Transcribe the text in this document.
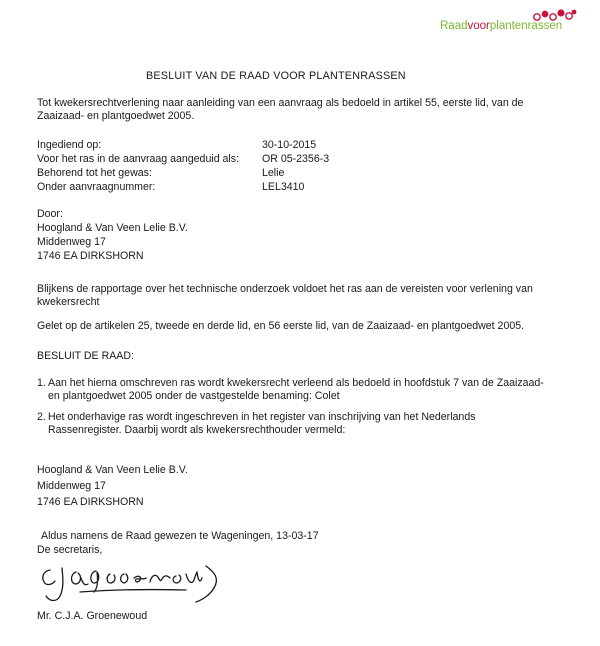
Raadvoorplantenrassen
BESLUIT VAN DE RAAD VOOR PLANTENRASSEN
Tot kwekersrechtverlening naar aanleiding van een aanvraag als bedoeld in artikel 55, eerste lid, van de Zaaizaad- en plantgoedwet 2005.
Ingediend op:	30-10-2015
Voor het ras in de aanvraag aangeduid als: OR 05-2356-3
Behorend tot het gewas:	Lelie
Onder aanvraagnummer:	LEL3410
Door:
Hoogland & Van Veen Lelie B.V.
Middenweg 17
1746 EA DIRKSHORN
Blijkens de rapportage over het technische onderzoek voldoet het ras aan de vereisten voor verlening van kwekersrecht
Gelet op de artikelen 25, tweede en derde lid, en 56 eerste lid, van de Zaaizaad- en plantgoedwet 2005.
BESLUIT DE RAAD:
1. Aan het hierna omschreven ras wordt kwekersrecht verleend als bedoeld in hoofdstuk 7 van de Zaaizaad- en plantgoedwet 2005 onder de vastgestelde benaming: Colet
2. Het onderhavige ras wordt ingeschreven in het register van inschrijving van het Nederlands Rassenregister. Daarbij wordt als kwekersrechthouder vermeld:
Hoogland & Van Veen Lelie B.V.
Middenweg 17
1746 EA DIRKSHORN
Aldus namens de Raad gewezen te Wageningen, 13-03-17
De secretaris,
Mr. C.J.A. Groenewoud
